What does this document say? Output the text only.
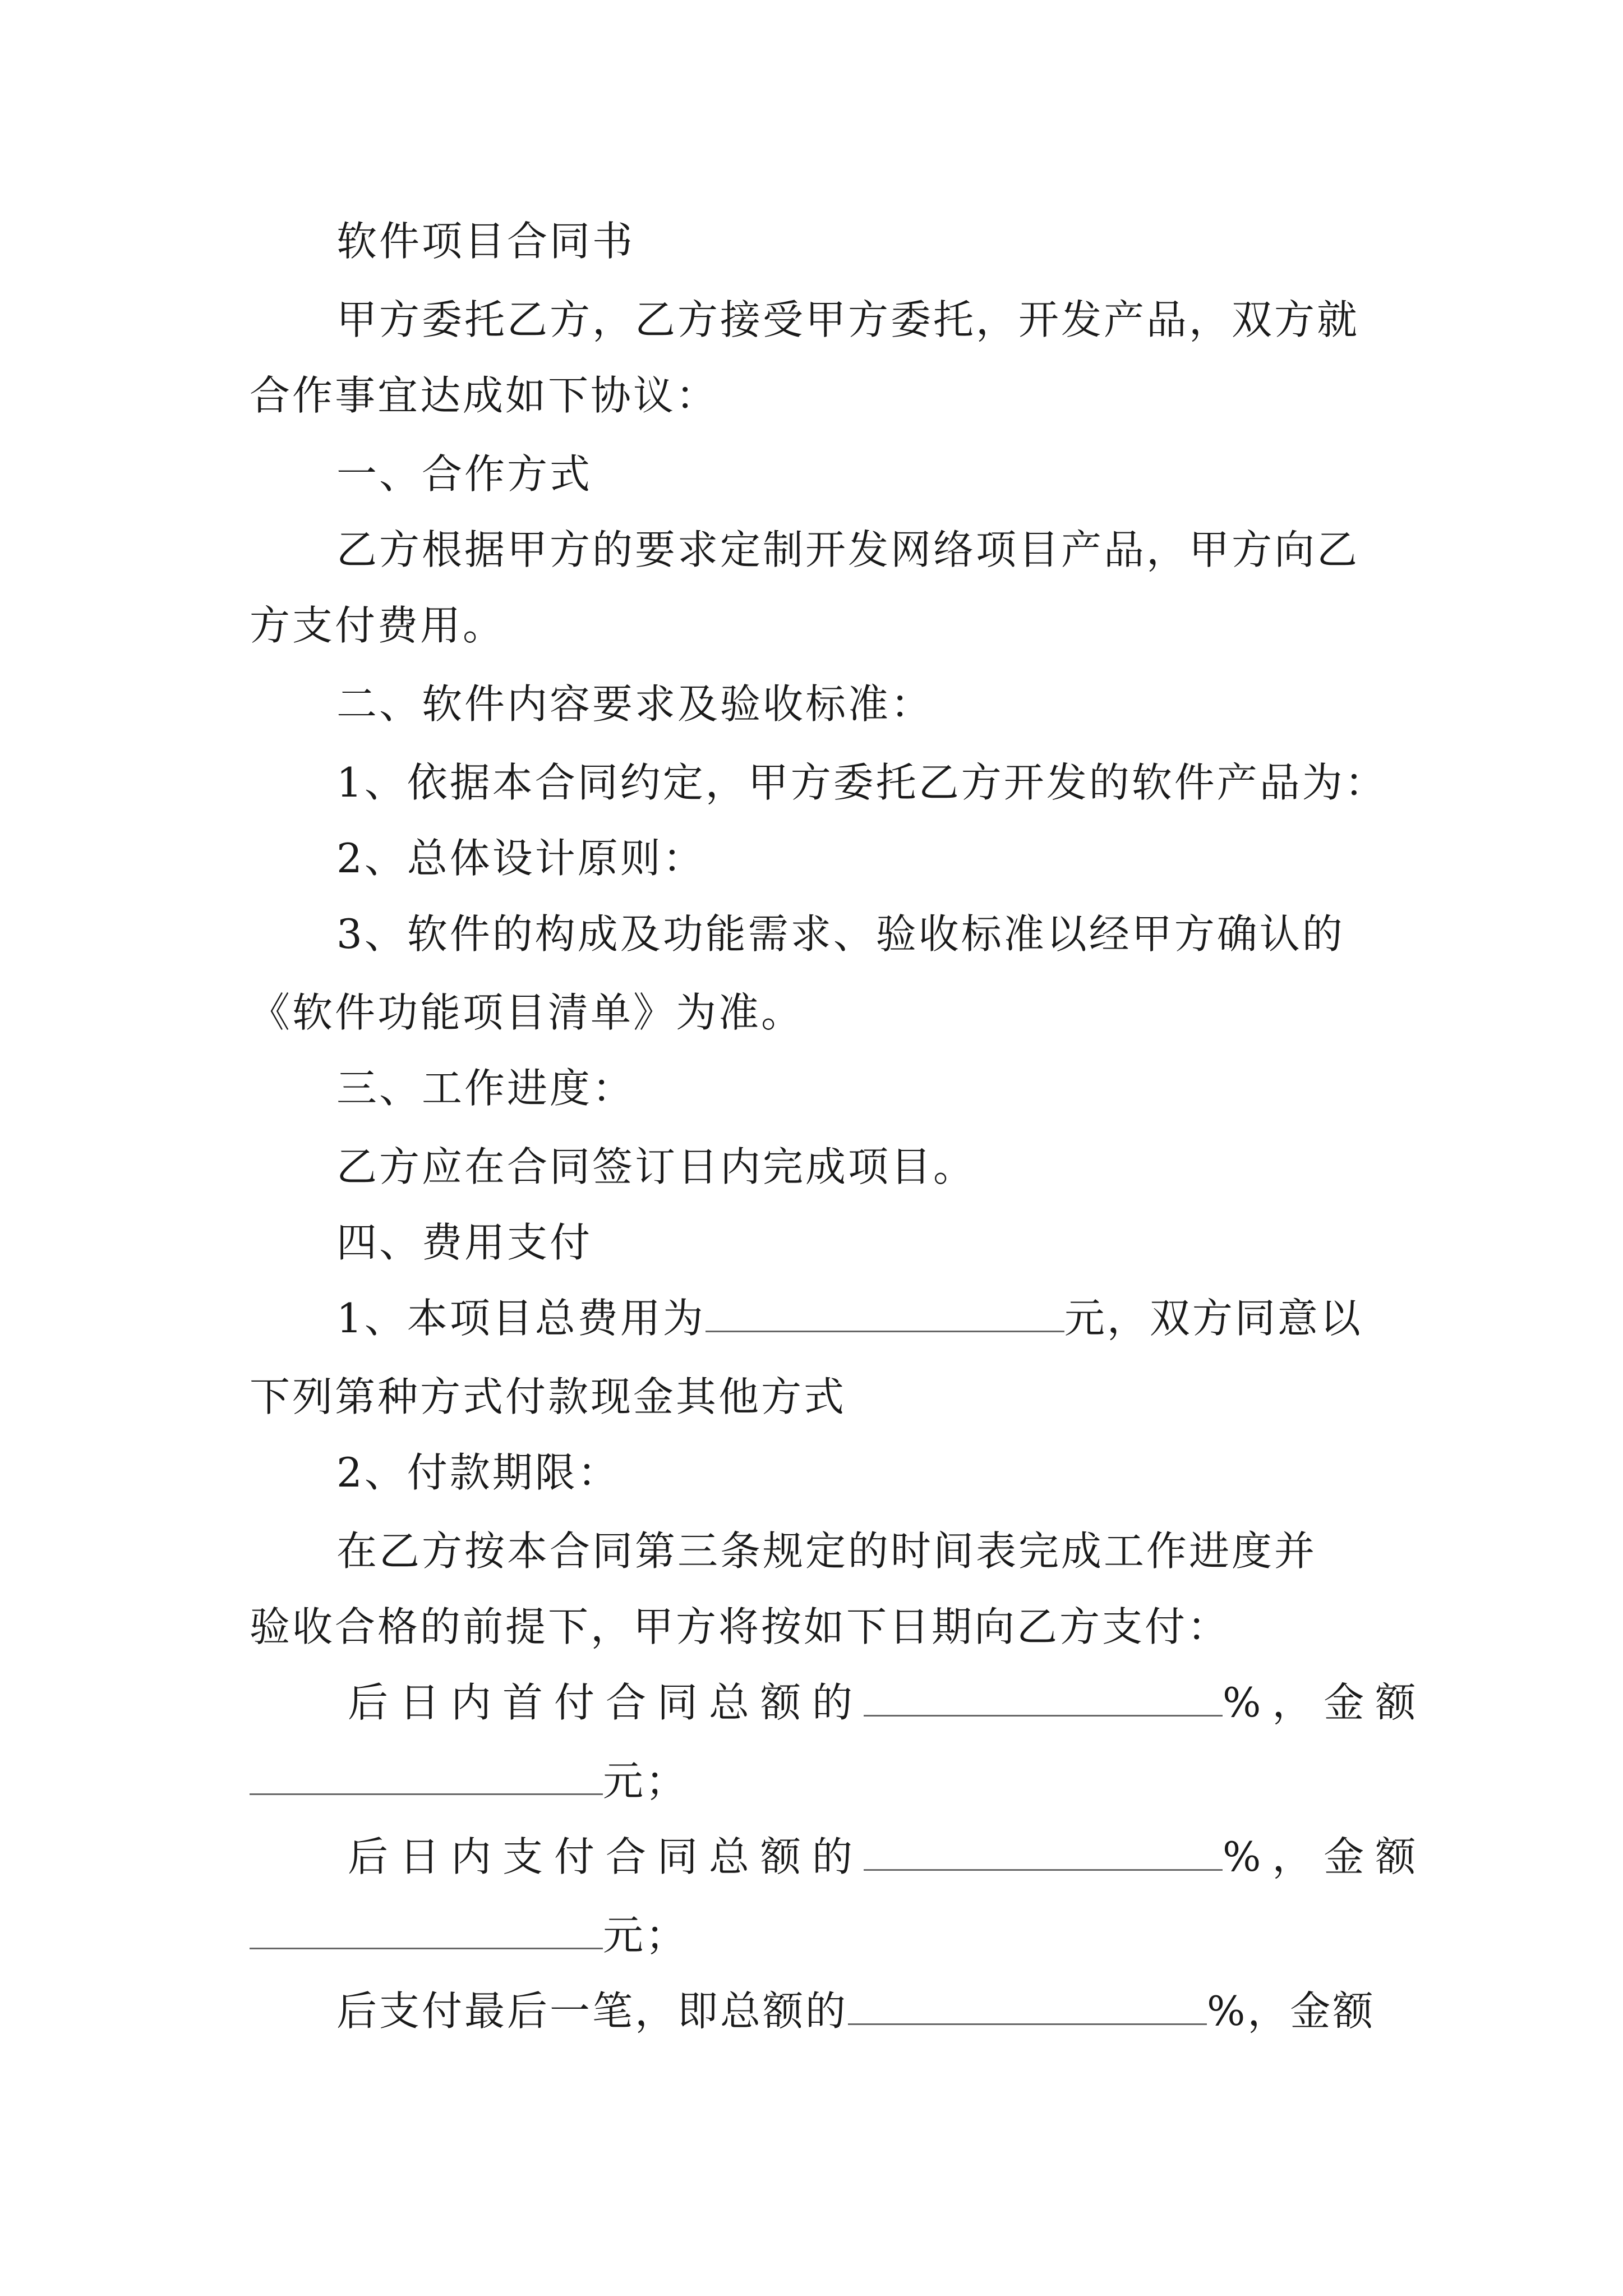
软件项目合同书
甲方委托乙方，乙方接受甲方委托，开发产品，双方就
合作事宜达成如下协议：
一、合作方式
乙方根据甲方的要求定制开发网络项目产品，甲方向乙
方支付费用。
二、软件内容要求及验收标准：
1、依据本合同约定，甲方委托乙方开发的软件产品为：
2、总体设计原则：
3、软件的构成及功能需求、验收标准以经甲方确认的
《软件功能项目清单》为准。
三、工作进度：
乙方应在合同签订日内完成项目。
四、费用支付
1、本项目总费用为	元，双方同意以
下列第种方式付款现金其他方式
2、付款期限：
在乙方按本合同第三条规定的时间表完成工作进度并
验收合格的前提下，甲方将按如下日期向乙方支付：
后日内首付合同总额的	%，金额
元；
后日内支付合同总额的	%，金额
元；
后支付最后一笔，即总额的	%，金额
